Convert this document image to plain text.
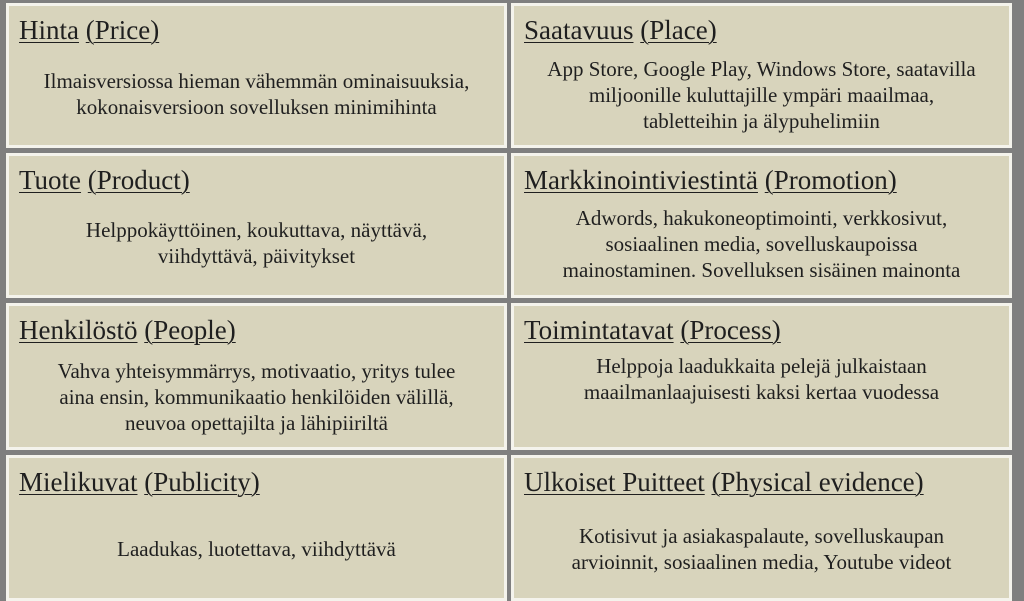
Hinta (Price)
Ilmaisversiossa hieman vähemmän ominaisuuksia,
kokonaisversioon sovelluksen minimihinta
Saatavuus (Place)
App Store, Google Play, Windows Store, saatavilla
miljoonille kuluttajille ympäri maailmaa,
tabletteihin ja älypuhelimiin
Tuote (Product)
Helppokäyttöinen, koukuttava, näyttävä,
viihdyttävä, päivitykset
Markkinointiviestintä (Promotion)
Adwords, hakukoneoptimointi, verkkosivut,
sosiaalinen media, sovelluskaupoissa
mainostaminen. Sovelluksen sisäinen mainonta
Henkilöstö (People)
Vahva yhteisymmärrys, motivaatio, yritys tulee
aina ensin, kommunikaatio henkilöiden välillä,
neuvoa opettajilta ja lähipiiriltä
Toimintatavat (Process)
Helppoja laadukkaita pelejä julkaistaan
maailmanlaajuisesti kaksi kertaa vuodessa
Mielikuvat (Publicity)
Laadukas, luotettava, viihdyttävä
Ulkoiset Puitteet (Physical evidence)
Kotisivut ja asiakaspalaute, sovelluskaupan
arvioinnit, sosiaalinen media, Youtube videot
